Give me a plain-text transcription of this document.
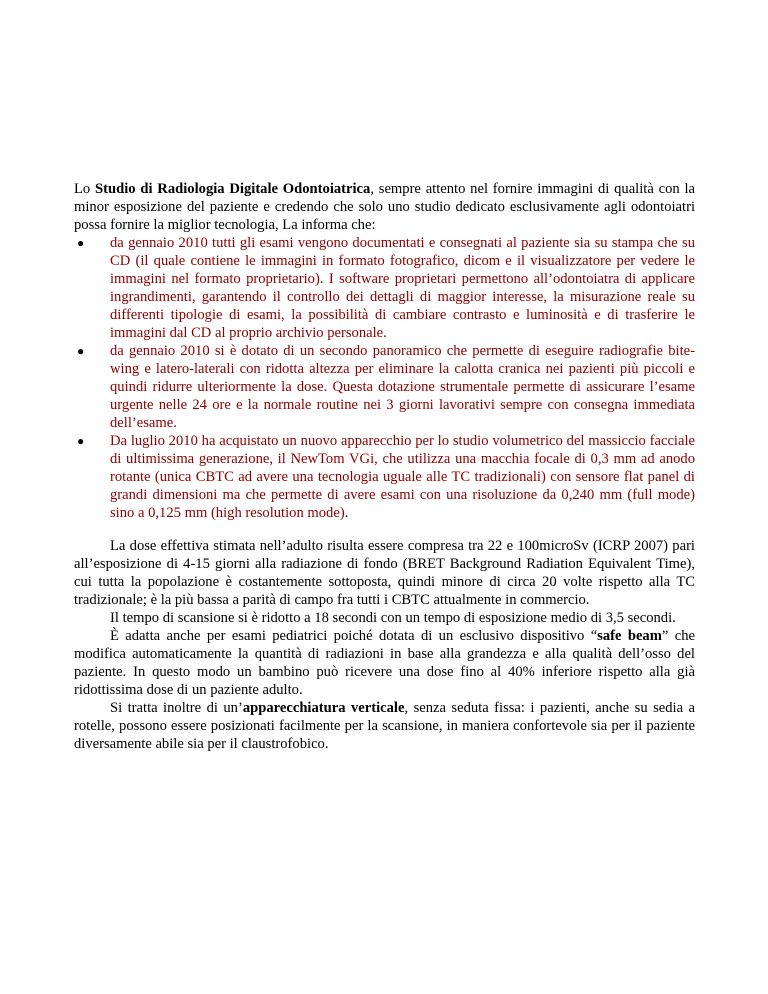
Lo Studio di Radiologia Digitale Odontoiatrica, sempre attento nel fornire immagini di qualità con la minor esposizione del paziente e credendo che solo uno studio dedicato esclusivamente agli odontoiatri possa fornire la miglior tecnologia, La informa che:

● da gennaio 2010 tutti gli esami vengono documentati e consegnati al paziente sia su stampa che su CD (il quale contiene le immagini in formato fotografico, dicom e il visualizzatore per vedere le immagini nel formato proprietario). I software proprietari permettono all’odontoiatra di applicare ingrandimenti, garantendo il controllo dei dettagli di maggior interesse, la misurazione reale su differenti tipologie di esami, la possibilità di cambiare contrasto e luminosità e di trasferire le immagini dal CD al proprio archivio personale.
● da gennaio 2010 si è dotato di un secondo panoramico che permette di eseguire radiografie bite-wing e latero-laterali con ridotta altezza per eliminare la calotta cranica nei pazienti più piccoli e quindi ridurre ulteriormente la dose. Questa dotazione strumentale permette di assicurare l’esame urgente nelle 24 ore e la normale routine nei 3 giorni lavorativi sempre con consegna immediata dell’esame.
● Da luglio 2010 ha acquistato un nuovo apparecchio per lo studio volumetrico del massiccio facciale di ultimissima generazione, il NewTom VGi, che utilizza una macchia focale di 0,3 mm ad anodo rotante (unica CBTC ad avere una tecnologia uguale alle TC tradizionali) con sensore flat panel di grandi dimensioni ma che permette di avere esami con una risoluzione da 0,240 mm (full mode) sino a 0,125 mm (high resolution mode).

La dose effettiva stimata nell’adulto risulta essere compresa tra 22 e 100microSv (ICRP 2007) pari all’esposizione di 4-15 giorni alla radiazione di fondo (BRET Background Radiation Equivalent Time), cui tutta la popolazione è costantemente sottoposta, quindi minore di circa 20 volte rispetto alla TC tradizionale; è la più bassa a parità di campo fra tutti i CBTC attualmente in commercio.

Il tempo di scansione si è ridotto a 18 secondi con un tempo di esposizione medio di 3,5 secondi.

È adatta anche per esami pediatrici poiché dotata di un esclusivo dispositivo “safe beam” che modifica automaticamente la quantità di radiazioni in base alla grandezza e alla qualità dell’osso del paziente. In questo modo un bambino può ricevere una dose fino al 40% inferiore rispetto alla già ridottissima dose di un paziente adulto.

Si tratta inoltre di un’apparecchiatura verticale, senza seduta fissa: i pazienti, anche su sedia a rotelle, possono essere posizionati facilmente per la scansione, in maniera confortevole sia per il paziente diversamente abile sia per il claustrofobico.
